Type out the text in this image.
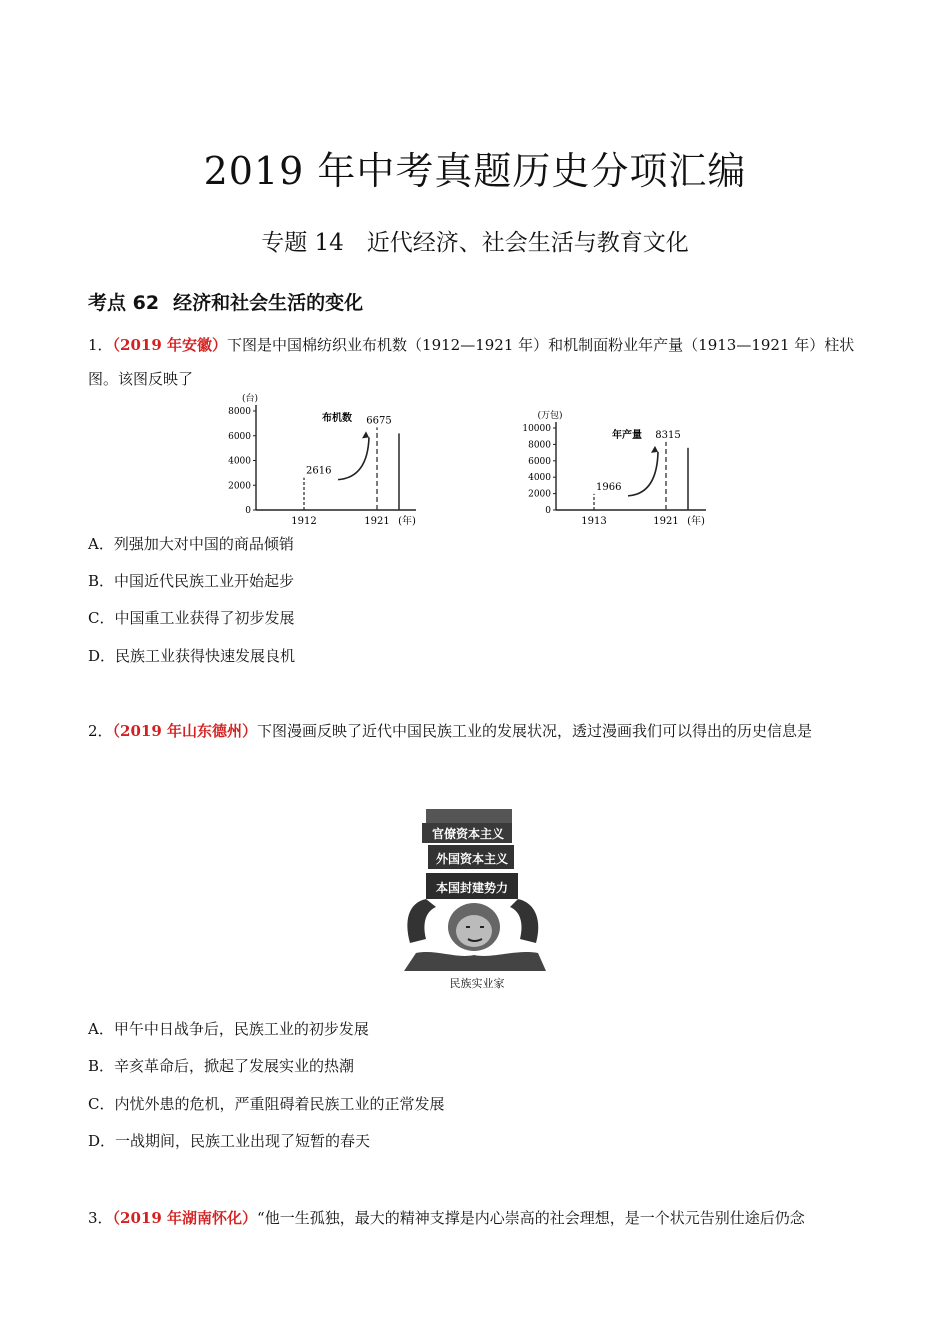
2019 年中考真题历史分项汇编
专题 14　近代经济、社会生活与教育文化
考点 62 经济和社会生活的变化
1．（2019 年安徽）下图是中国棉纺织业布机数（1912—1921 年）和机制面粉业年产量（1913—1921 年）柱状图。该图反映了
(台)
0
2000
4000
6000
8000
布机数
2616
1912
6675
1921 (年)
(万包)
0
2000
4000
6000
8000
10000
年产量
1966
1913
8315
1921 (年)
A．列强加大对中国的商品倾销
B．中国近代民族工业开始起步
C．中国重工业获得了初步发展
D．民族工业获得快速发展良机
2．（2019 年山东德州）下图漫画反映了近代中国民族工业的发展状况，透过漫画我们可以得出的历史信息是
官僚资本主义
外国资本主义
本国封建势力
民族实业家
A．甲午中日战争后，民族工业的初步发展
B．辛亥革命后，掀起了发展实业的热潮
C．内忧外患的危机，严重阻碍着民族工业的正常发展
D．一战期间，民族工业出现了短暂的春天
3．（2019 年湖南怀化）“他一生孤独，最大的精神支撑是内心崇高的社会理想，是一个状元告别仕途后仍念
